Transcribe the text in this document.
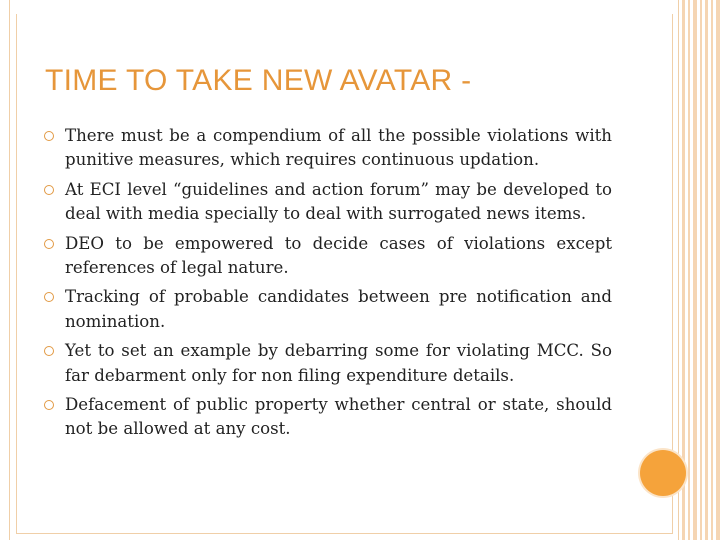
TIME TO TAKE NEW AVATAR -
There must be a compendium of all the possible violations with punitive measures, which requires continuous updation.
At ECI level “guidelines and action forum” may be developed to deal with media specially to deal with surrogated news items.
DEO to be empowered to decide cases of violations except references of legal nature.
Tracking of probable candidates between pre notification and nomination.
Yet to set an example by debarring some for violating MCC. So far debarment only for non filing expenditure details.
Defacement of public property whether central or state, should not be allowed at any cost.
